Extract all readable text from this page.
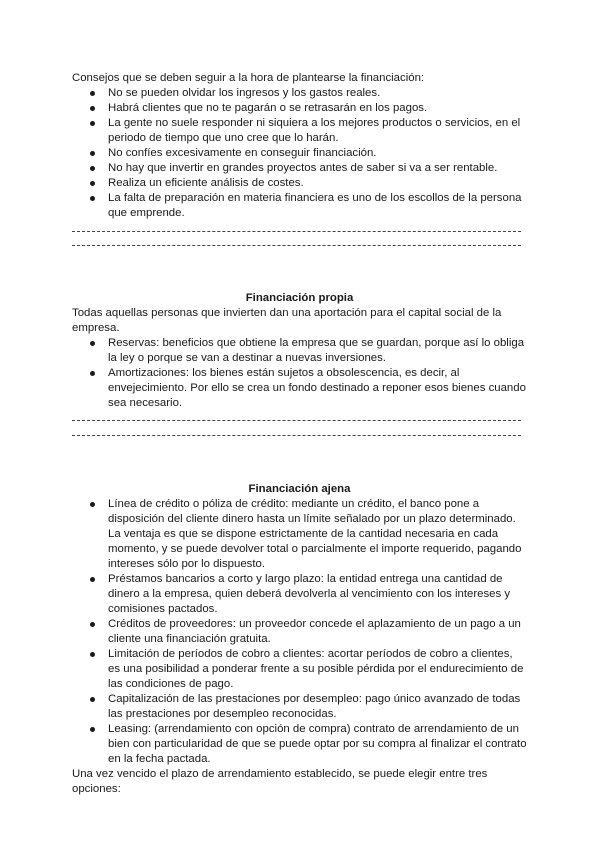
Consejos que se deben seguir a la hora de plantearse la financiación:

No se pueden olvidar los ingresos y los gastos reales.
Habrá clientes que no te pagarán o se retrasarán en los pagos.
La gente no suele responder ni siquiera a los mejores productos o servicios, en el periodo de tiempo que uno cree que lo harán.
No confíes excesivamente en conseguir financiación.
No hay que invertir en grandes proyectos antes de saber si va a ser rentable.
Realiza un eficiente análisis de costes.
La falta de preparación en materia financiera es uno de los escollos de la persona que emprende.

Financiación propia

Todas aquellas personas que invierten dan una aportación para el capital social de la empresa.

Reservas: beneficios que obtiene la empresa que se guardan, porque así lo obliga la ley o porque se van a destinar a nuevas inversiones.
Amortizaciones: los bienes están sujetos a obsolescencia, es decir, al envejecimiento. Por ello se crea un fondo destinado a reponer esos bienes cuando sea necesario.

Financiación ajena

Línea de crédito o póliza de crédito: mediante un crédito, el banco pone a disposición del cliente dinero hasta un límite señalado por un plazo determinado. La ventaja es que se dispone estrictamente de la cantidad necesaria en cada momento, y se puede devolver total o parcialmente el importe requerido, pagando intereses sólo por lo dispuesto.
Préstamos bancarios a corto y largo plazo: la entidad entrega una cantidad de dinero a la empresa, quien deberá devolverla al vencimiento con los intereses y comisiones pactados.
Créditos de proveedores: un proveedor concede el aplazamiento de un pago a un cliente una financiación gratuita.
Limitación de períodos de cobro a clientes: acortar períodos de cobro a clientes, es una posibilidad a ponderar frente a su posible pérdida por el endurecimiento de las condiciones de pago.
Capitalización de las prestaciones por desempleo: pago único avanzado de todas las prestaciones por desempleo reconocidas.
Leasing: (arrendamiento con opción de compra) contrato de arrendamiento de un bien con particularidad de que se puede optar por su compra al finalizar el contrato en la fecha pactada.

Una vez vencido el plazo de arrendamiento establecido, se puede elegir entre tres opciones:
